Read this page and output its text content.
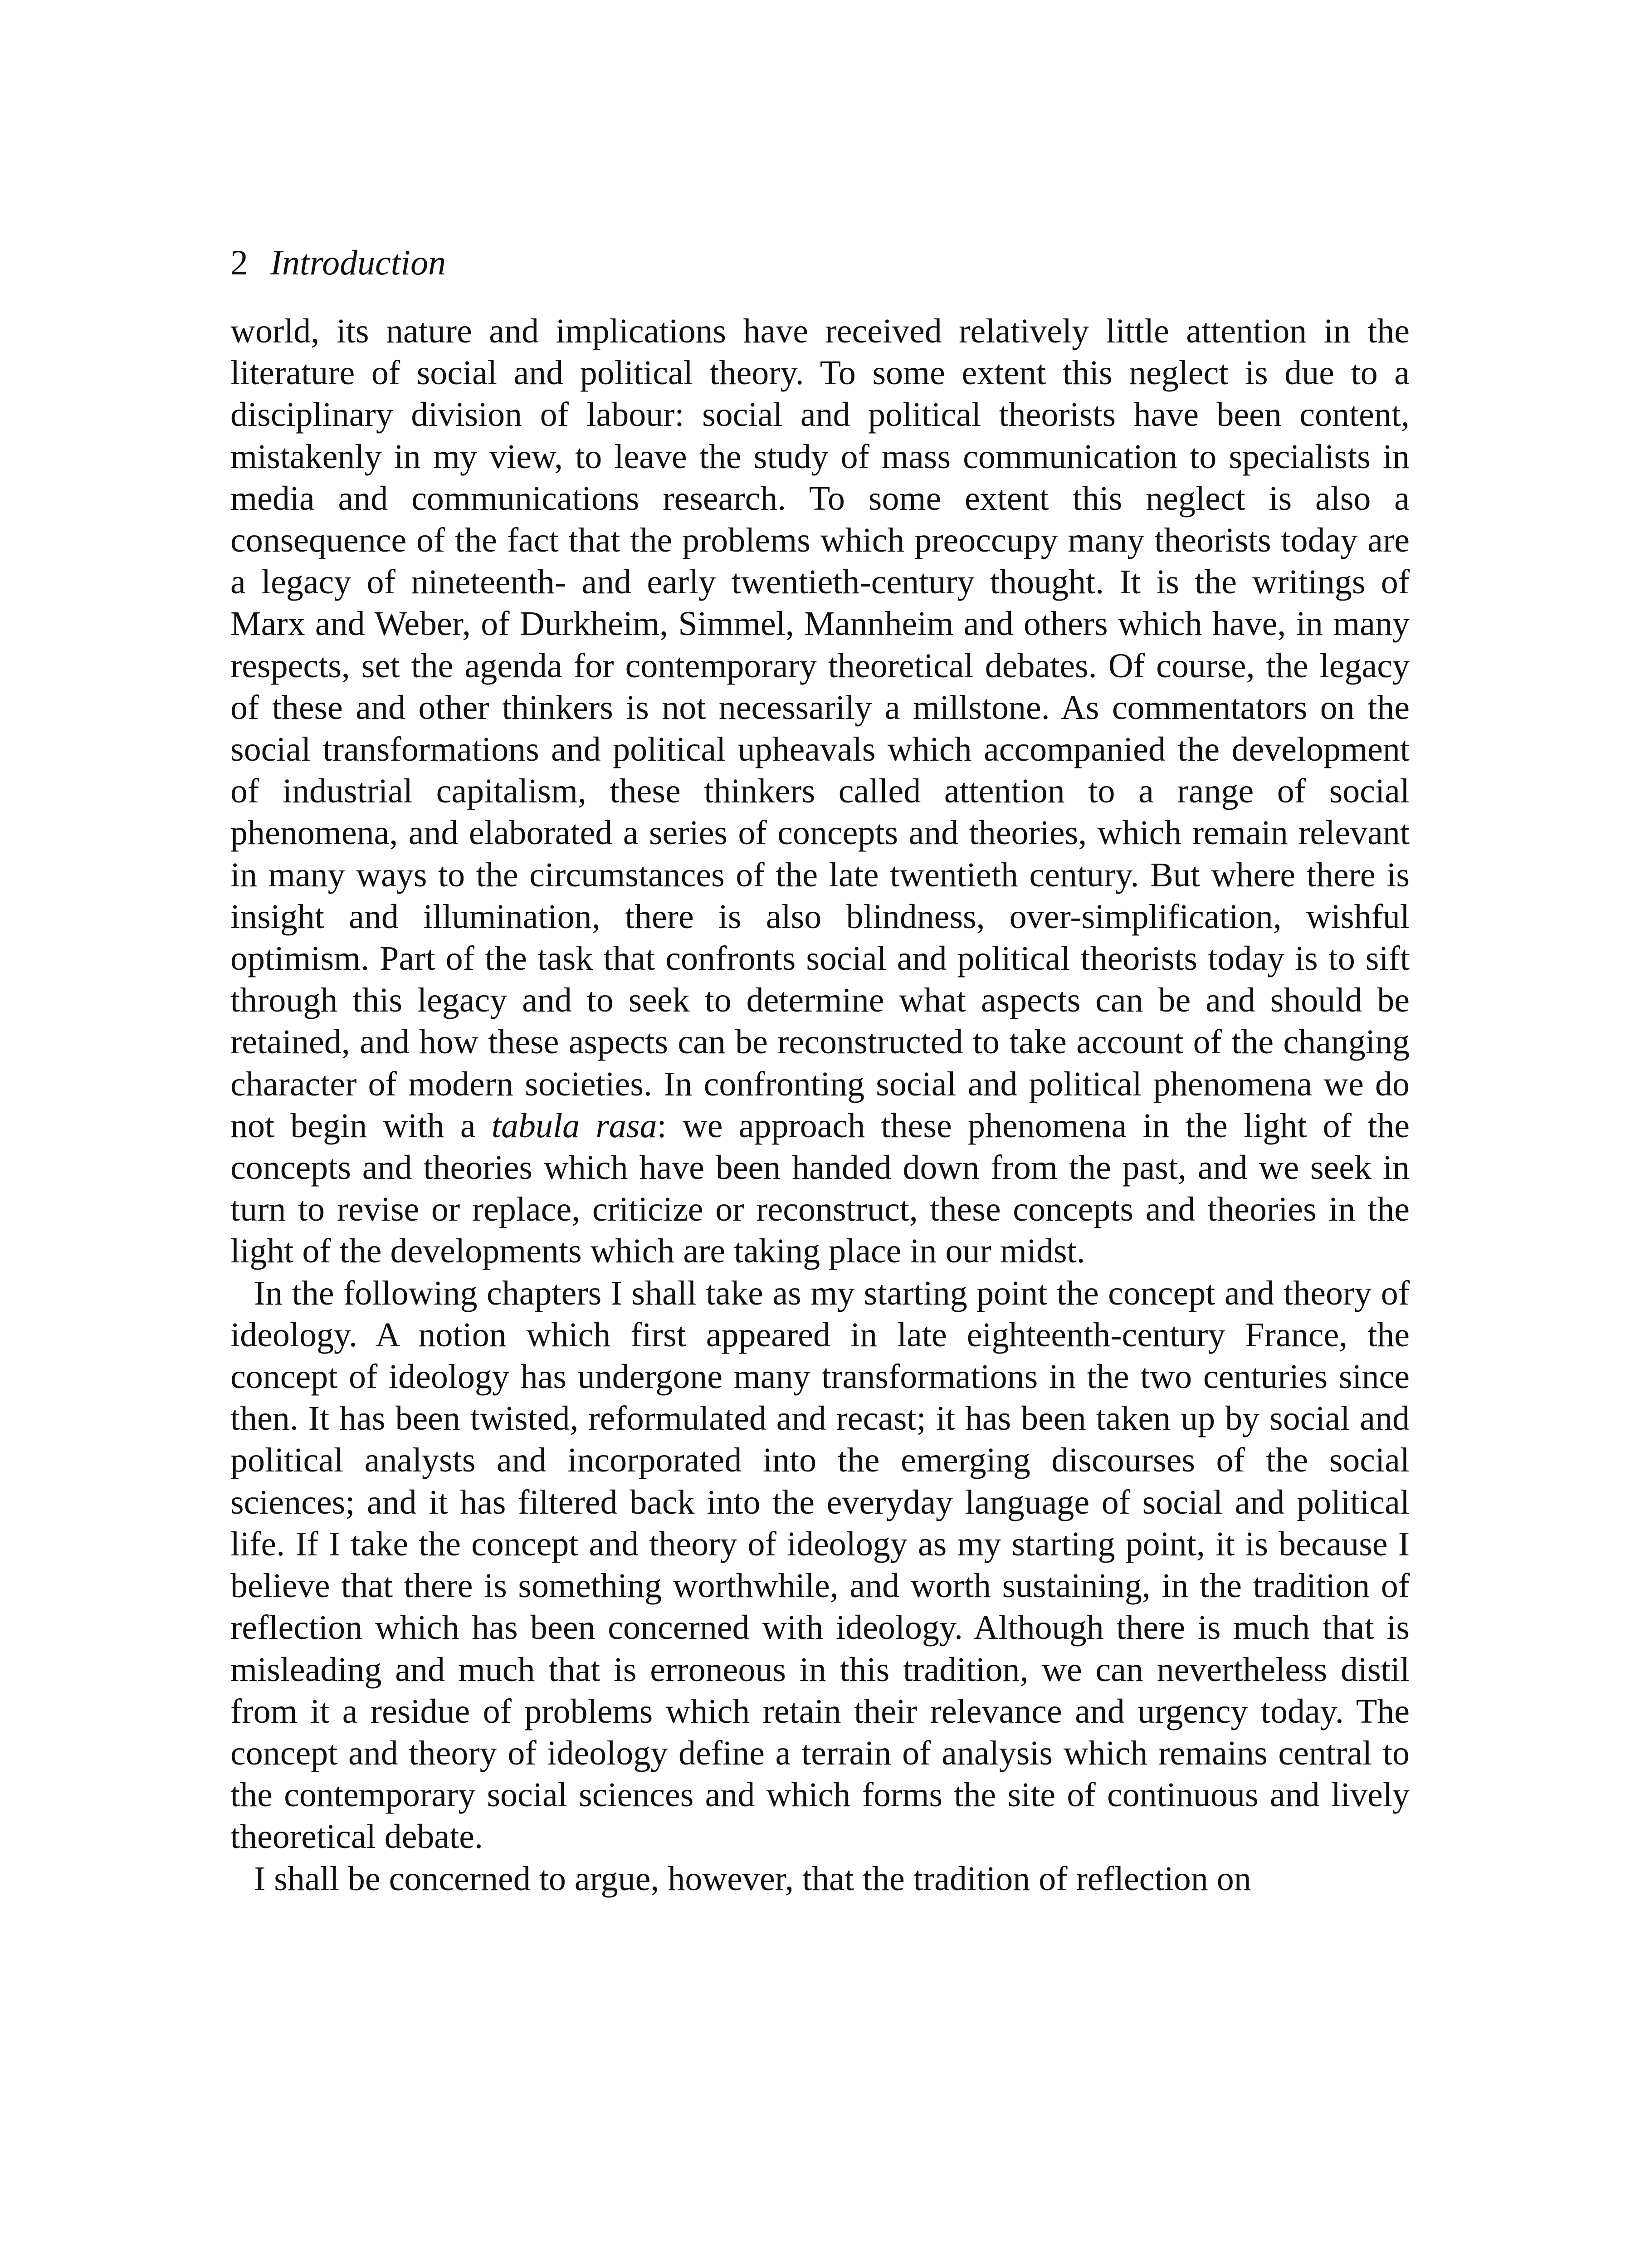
2 Introduction

world, its nature and implications have received relatively little attention in the literature of social and political theory. To some extent this neglect is due to a disciplinary division of labour: social and political theorists have been content, mistakenly in my view, to leave the study of mass communication to specialists in media and communications research. To some extent this neglect is also a consequence of the fact that the problems which preoccupy many theorists today are a legacy of nineteenth- and early twentieth-century thought. It is the writings of Marx and Weber, of Durkheim, Simmel, Mannheim and others which have, in many respects, set the agenda for contemporary theoretical debates. Of course, the legacy of these and other thinkers is not necessarily a millstone. As commentators on the social transformations and political upheavals which accompanied the development of industrial capitalism, these thinkers called attention to a range of social phenomena, and elaborated a series of concepts and theories, which remain relevant in many ways to the circumstances of the late twentieth century. But where there is insight and illumination, there is also blindness, over-simplification, wishful optimism. Part of the task that confronts social and political theorists today is to sift through this legacy and to seek to determine what aspects can be and should be retained, and how these aspects can be reconstructed to take account of the changing character of modern societies. In confronting social and political phenomena we do not begin with a tabula rasa: we approach these phenomena in the light of the concepts and theories which have been handed down from the past, and we seek in turn to revise or replace, criticize or reconstruct, these concepts and theories in the light of the developments which are taking place in our midst.

In the following chapters I shall take as my starting point the concept and theory of ideology. A notion which first appeared in late eighteenth-century France, the concept of ideology has undergone many transformations in the two centuries since then. It has been twisted, reformulated and recast; it has been taken up by social and political analysts and incorporated into the emerging discourses of the social sciences; and it has filtered back into the everyday language of social and political life. If I take the concept and theory of ideology as my starting point, it is because I believe that there is something worthwhile, and worth sustaining, in the tradition of reflection which has been concerned with ideology. Although there is much that is misleading and much that is erroneous in this tradition, we can nevertheless distil from it a residue of problems which retain their relevance and urgency today. The concept and theory of ideology define a terrain of analysis which remains central to the contemporary social sciences and which forms the site of continuous and lively theoretical debate.

I shall be concerned to argue, however, that the tradition of reflection on
